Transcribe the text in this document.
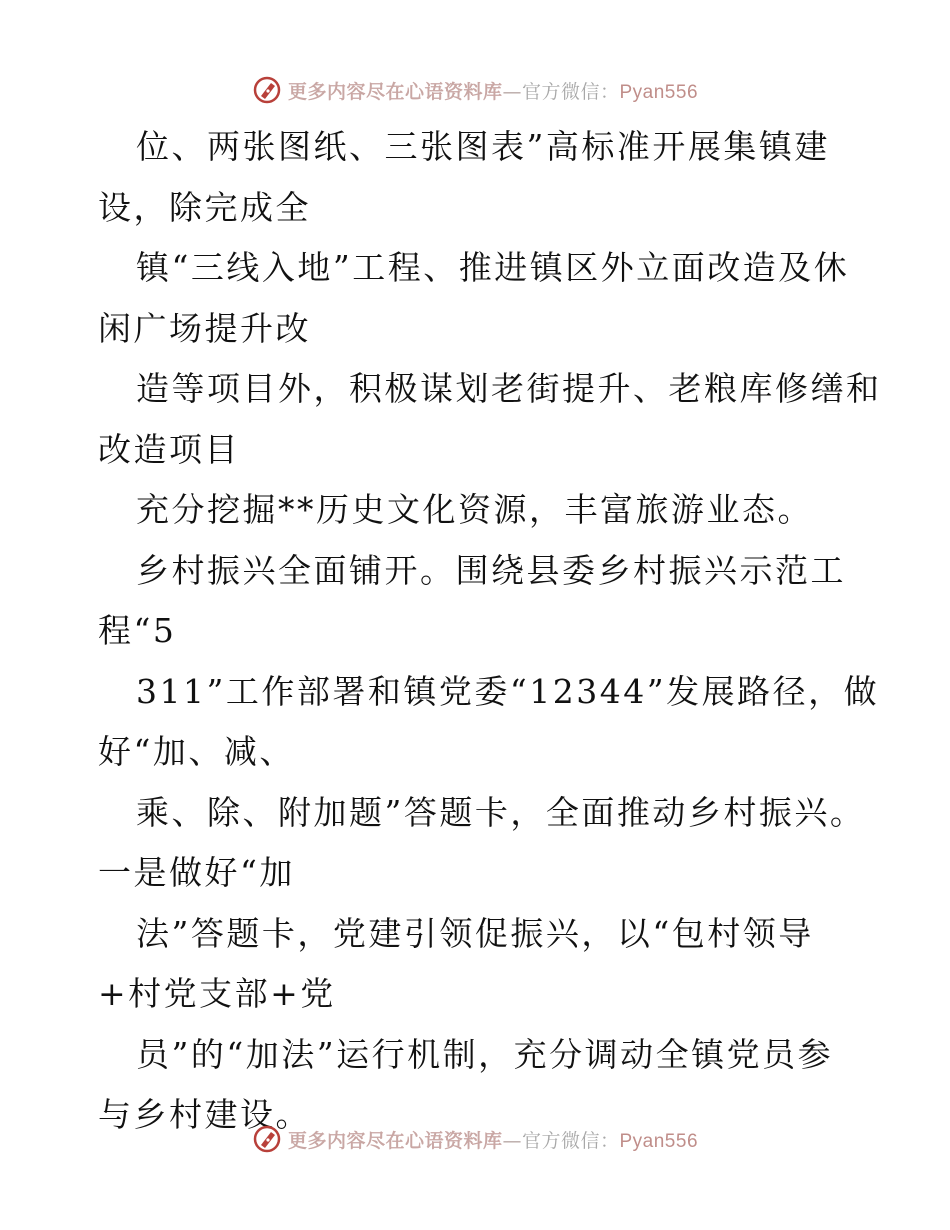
更多内容尽在心语资料库—官方微信：Pyan556
位、两张图纸、三张图表”高标准开展集镇建
设，除完成全
镇“三线入地”工程、推进镇区外立面改造及休
闲广场提升改
造等项目外，积极谋划老街提升、老粮库修缮和
改造项目
充分挖掘**历史文化资源，丰富旅游业态。
乡村振兴全面铺开。围绕县委乡村振兴示范工
程“5
311”工作部署和镇党委“12344”发展路径，做
好“加、减、
乘、除、附加题”答题卡，全面推动乡村振兴。
一是做好“加
法”答题卡，党建引领促振兴，以“包村领导
+村党支部+党
员”的“加法”运行机制，充分调动全镇党员参
与乡村建设。
更多内容尽在心语资料库—官方微信：Pyan556
